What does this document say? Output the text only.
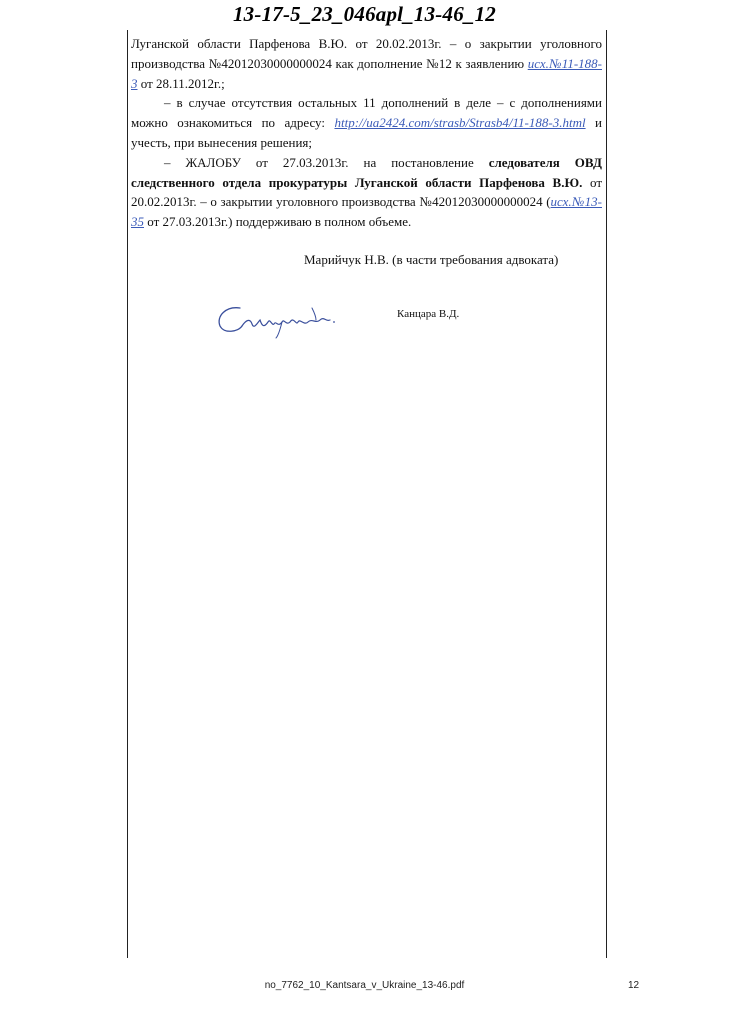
13-17-5_23_046apl_13-46_12

Луганской области Парфенова В.Ю. от 20.02.2013г. – о закрытии уголовного производства №42012030000000024 как дополнение №12 к заявлению исх.№11-188-3 от 28.11.2012г.;

– в случае отсутствия остальных 11 дополнений в деле – с дополнениями можно ознакомиться по адресу: http://ua2424.com/strasb/Strasb4/11-188-3.html и учесть, при вынесения решения;

– ЖАЛОБУ от 27.03.2013г. на постановление следователя ОВД следственного отдела прокуратуры Луганской области Парфенова В.Ю. от 20.02.2013г. – о закрытии уголовного производства №42012030000000024 (исх.№13-35 от 27.03.2013г.) поддерживаю в полном объеме.

Марийчук Н.В. (в части требования адвоката)
Канцара В.Д.
no_7762_10_Kantsara_v_Ukraine_13-46.pdf	12
